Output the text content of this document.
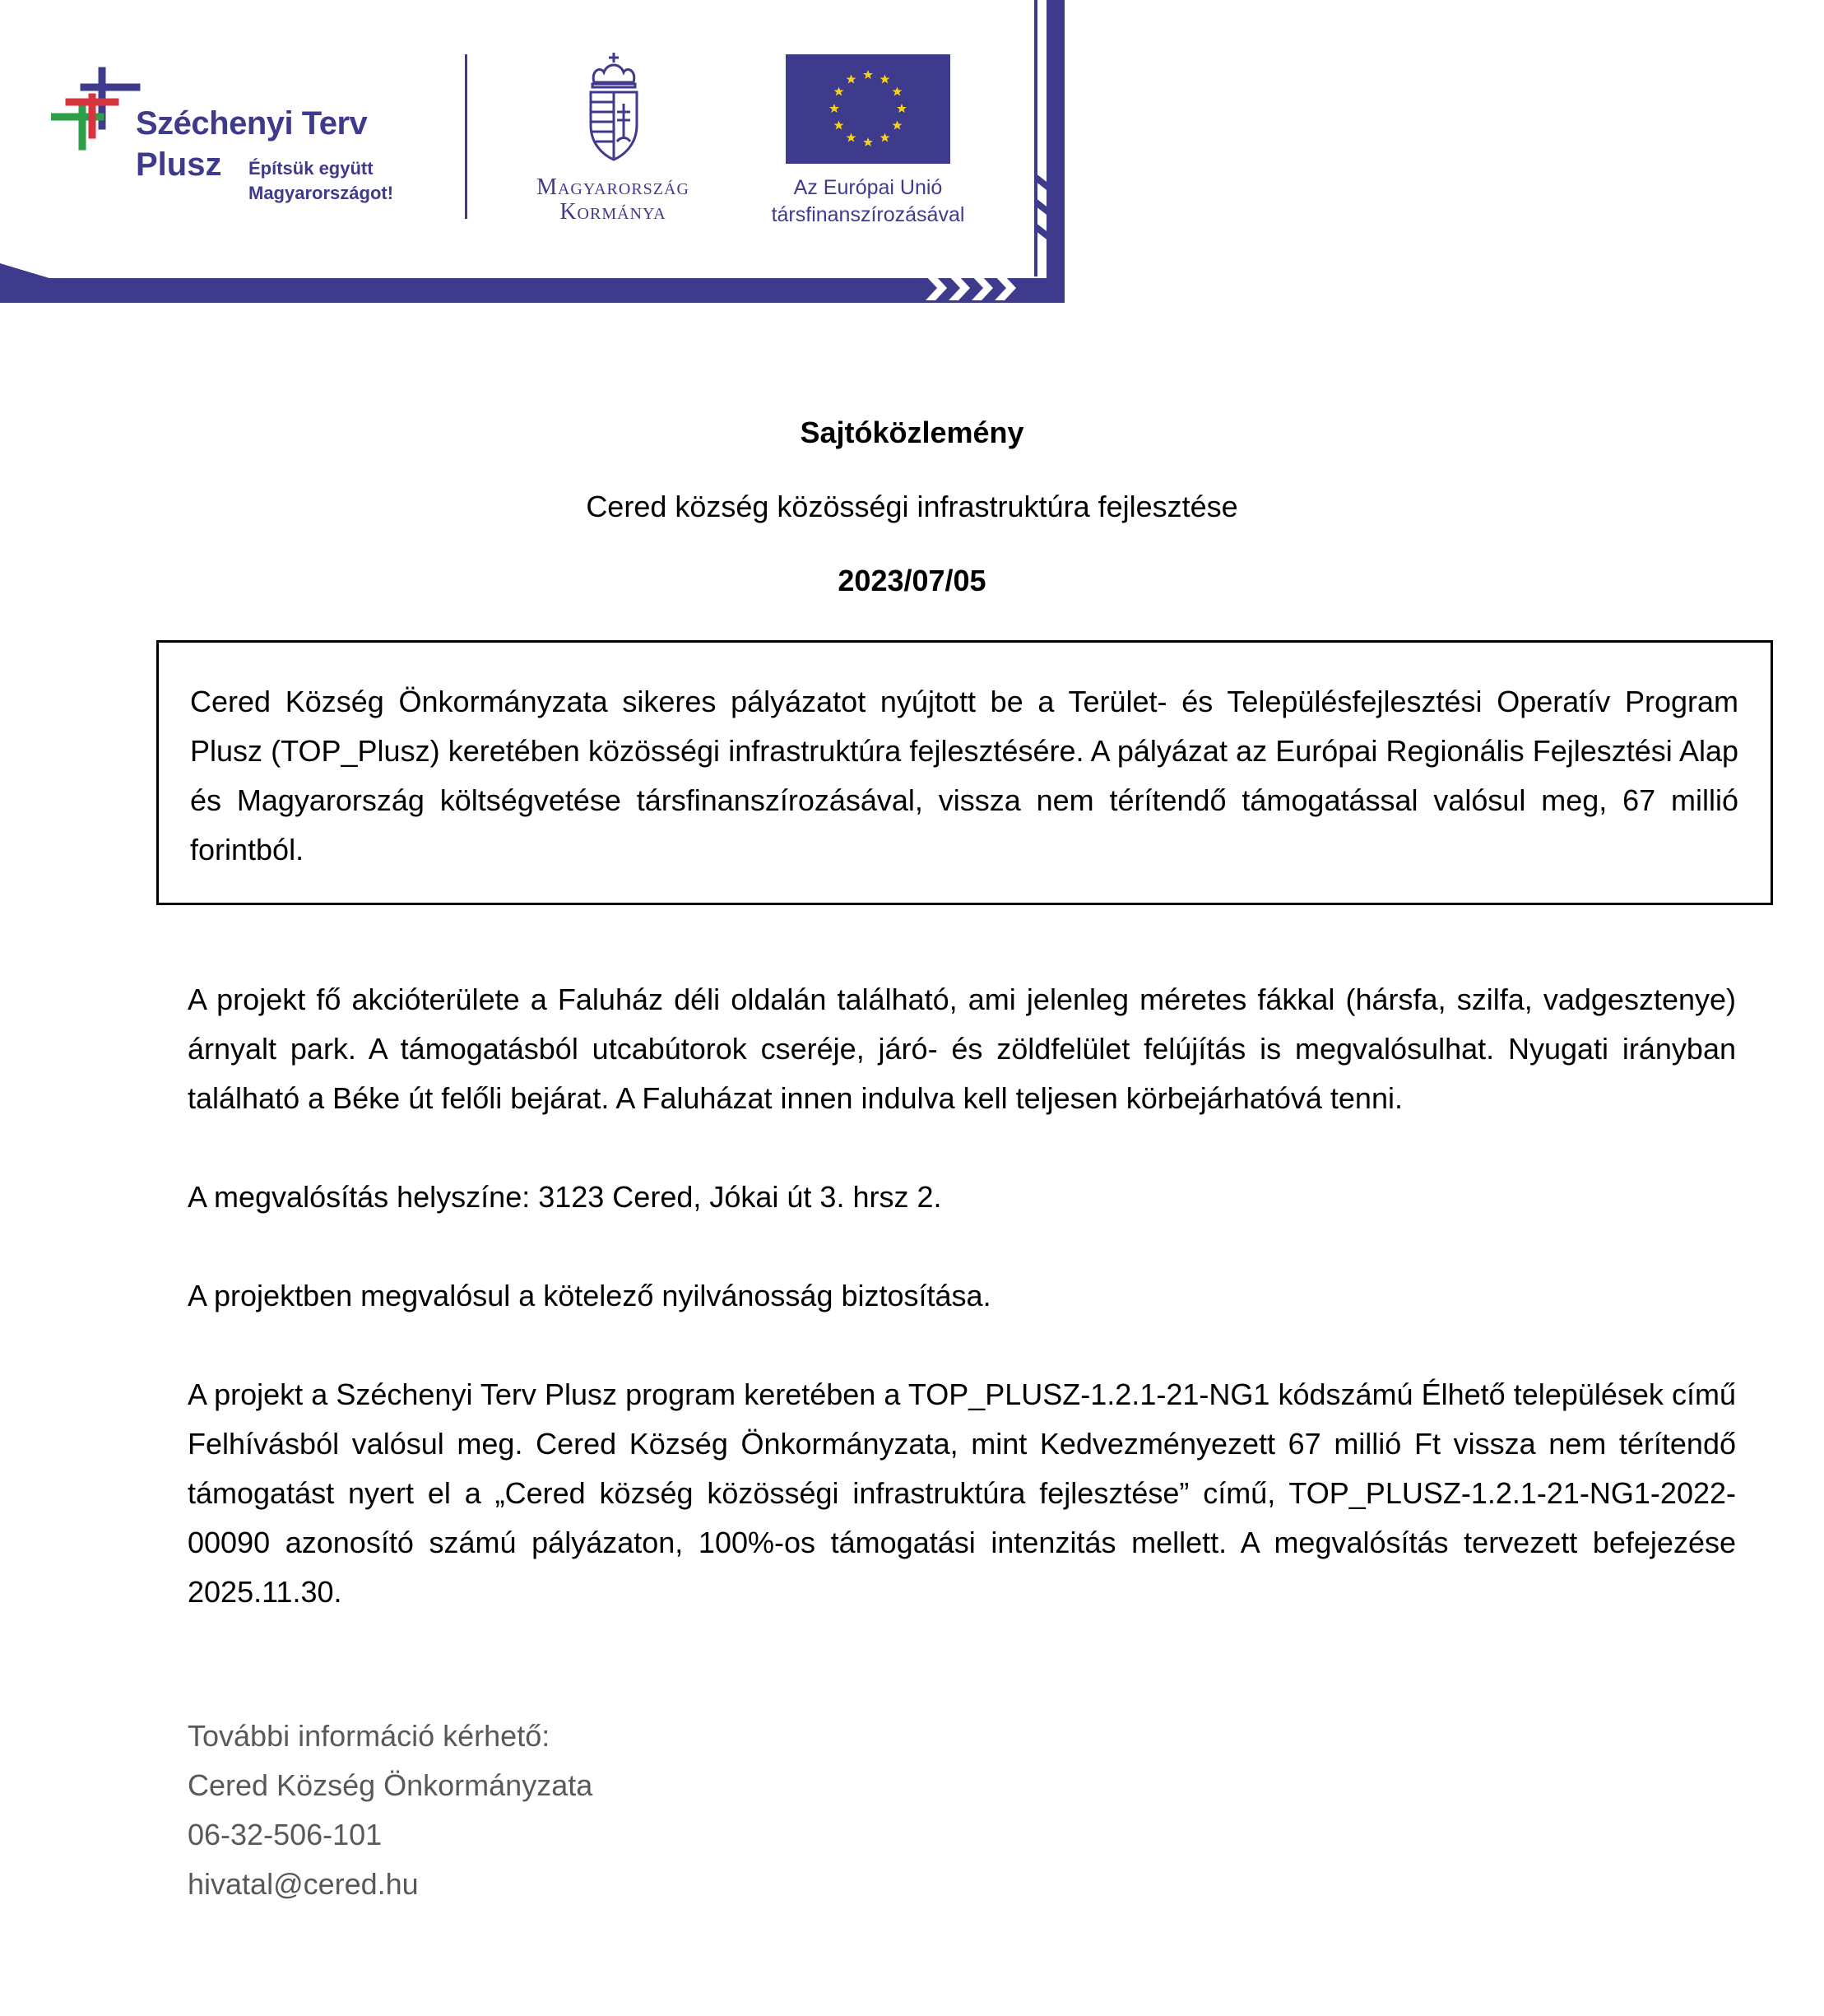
Széchenyi Terv
Plusz Építsük együtt
Magyarországot!	Magyarország
Kormánya
Az Európai Unió
társfinanszírozásával
Sajtóközlemény
Cered község közösségi infrastruktúra fejlesztése
2023/07/05
Cered Község Önkormányzata sikeres pályázatot nyújtott be a Terület- és Településfejlesztési Operatív Program Plusz (TOP_Plusz) keretében közösségi infrastruktúra fejlesztésére. A pályázat az Európai Regionális Fejlesztési Alap és Magyarország költségvetése társfinanszírozásával, vissza nem térítendő támogatással valósul meg, 67 millió forintból.
A projekt fő akcióterülete a Faluház déli oldalán található, ami jelenleg méretes fákkal (hársfa, szilfa, vadgesztenye) árnyalt park. A támogatásból utcabútorok cseréje, járó- és zöldfelület felújítás is megvalósulhat. Nyugati irányban található a Béke út felőli bejárat. A Faluházat innen indulva kell teljesen körbejárhatóvá tenni.
A megvalósítás helyszíne: 3123 Cered, Jókai út 3. hrsz 2.
A projektben megvalósul a kötelező nyilvánosság biztosítása.
A projekt a Széchenyi Terv Plusz program keretében a TOP_PLUSZ-1.2.1-21-NG1 kódszámú Élhető települések című Felhívásból valósul meg. Cered Község Önkormányzata, mint Kedvezményezett 67 millió Ft vissza nem térítendő támogatást nyert el a „Cered község közösségi infrastruktúra fejlesztése” című, TOP_PLUSZ-1.2.1-21-NG1-2022-00090 azonosító számú pályázaton, 100%-os támogatási intenzitás mellett. A megvalósítás tervezett befejezése 2025.11.30.
További információ kérhető:
Cered Község Önkormányzata
06-32-506-101
hivatal@cered.hu
